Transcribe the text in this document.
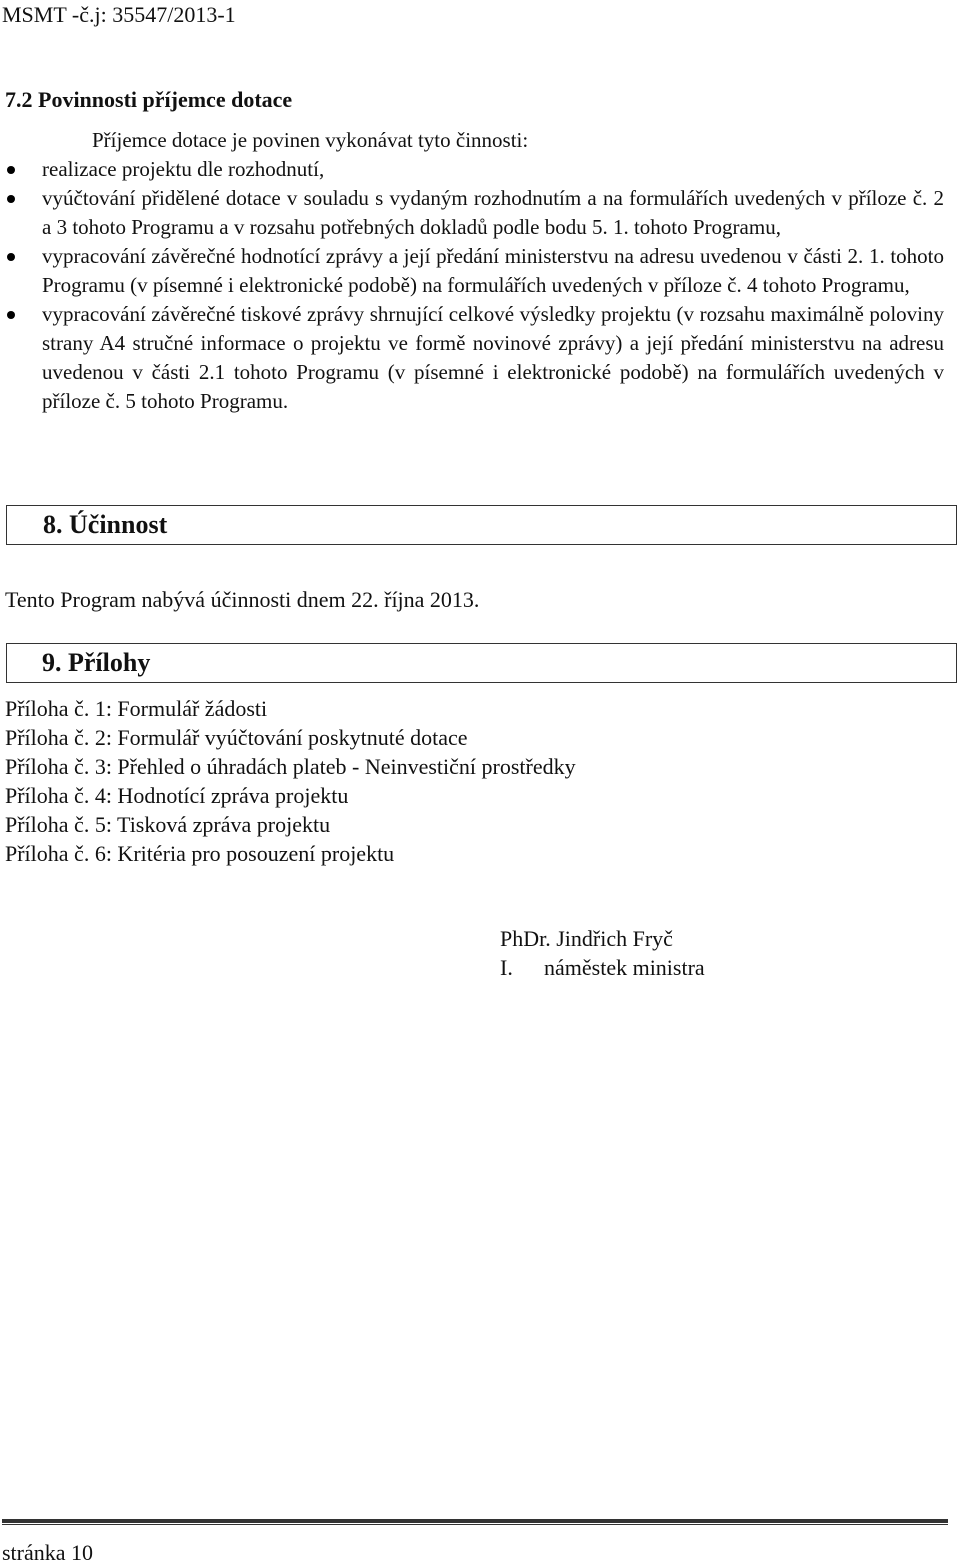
MSMT -č.j: 35547/2013-1
7.2 Povinnosti příjemce dotace
Příjemce dotace je povinen vykonávat tyto činnosti:
realizace projektu dle rozhodnutí,
vyúčtování přidělené dotace v souladu s vydaným rozhodnutím a na formulářích uvedených v příloze č. 2 a 3 tohoto Programu a v rozsahu potřebných dokladů podle bodu 5. 1. tohoto Programu,
vypracování závěrečné hodnotící zprávy a její předání ministerstvu na adresu uvedenou v části 2. 1. tohoto Programu (v písemné i elektronické podobě) na formulářích uvedených v příloze č. 4 tohoto Programu,
vypracování závěrečné tiskové zprávy shrnující celkové výsledky projektu (v rozsahu maximálně poloviny strany A4 stručné informace o projektu ve formě novinové zprávy) a její předání ministerstvu na adresu uvedenou v části 2.1 tohoto Programu (v písemné i elektronické podobě) na formulářích uvedených v příloze č. 5 tohoto Programu.
8. Účinnost
Tento Program nabývá účinnosti dnem 22. října 2013.
9. Přílohy
Příloha č. 1: Formulář žádosti
Příloha č. 2: Formulář vyúčtování poskytnuté dotace
Příloha č. 3: Přehled o úhradách plateb - Neinvestiční prostředky
Příloha č. 4: Hodnotící zpráva projektu
Příloha č. 5: Tisková zpráva projektu
Příloha č. 6: Kritéria pro posouzení projektu
PhDr. Jindřich Fryč
I. náměstek ministra
stránka 10
